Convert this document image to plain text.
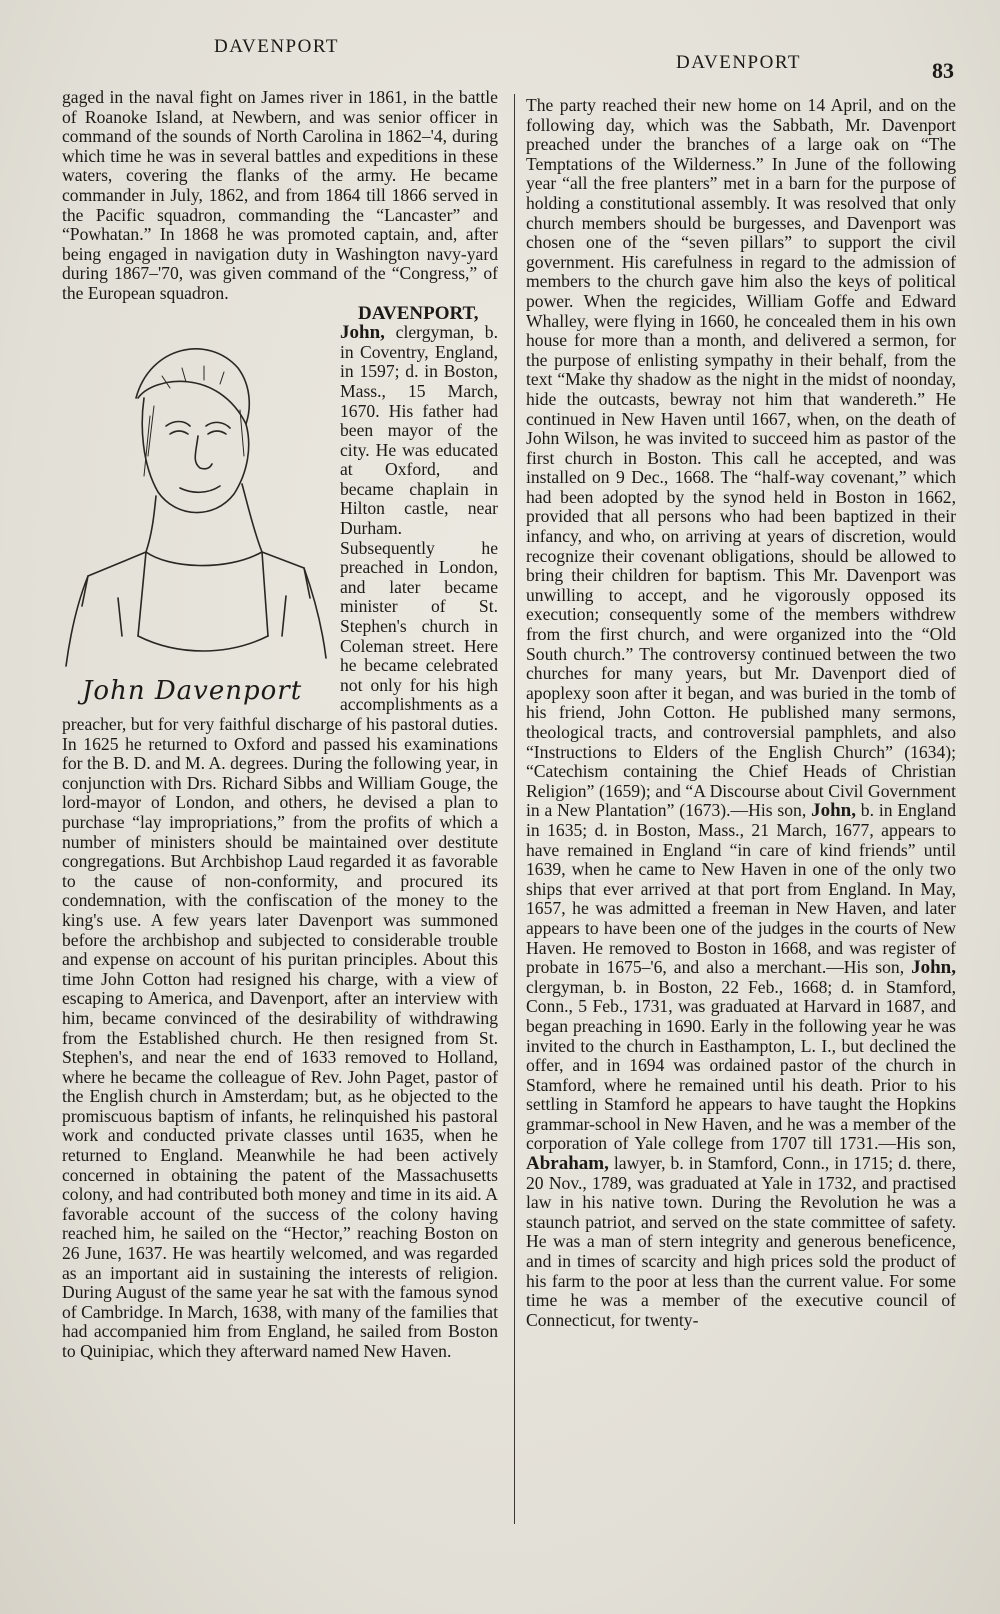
DAVENPORT
DAVENPORT	83

gaged in the naval fight on James river in 1861, in the battle of Roanoke Island, at Newbern, and was senior officer in command of the sounds of North Carolina in 1862–'4, during which time he was in several battles and expeditions in these waters, covering the flanks of the army. He became commander in July, 1862, and from 1864 till 1866 served in the Pacific squadron, commanding the “Lancaster” and “Powhatan.” In 1868 he was promoted captain, and, after being engaged in navigation duty in Washington navy-yard during 1867–'70, was given command of the “Congress,” of the European squadron.

John Davenport

DAVENPORT, John, clergyman, b. in Coventry, England, in 1597; d. in Boston, Mass., 15 March, 1670. His father had been mayor of the city. He was educated at Oxford, and became chaplain in Hilton castle, near Durham. Subsequently he preached in London, and later became minister of St. Stephen's church in Coleman street. Here he became celebrated not only for his high accomplishments as a preacher, but for very faithful discharge of his pastoral duties. In 1625 he returned to Oxford and passed his examinations for the B. D. and M. A. degrees. During the following year, in conjunction with Drs. Richard Sibbs and William Gouge, the lord-mayor of London, and others, he devised a plan to purchase “lay impropriations,” from the profits of which a number of ministers should be maintained over destitute congregations. But Archbishop Laud regarded it as favorable to the cause of non-conformity, and procured its condemnation, with the confiscation of the money to the king's use. A few years later Davenport was summoned before the archbishop and subjected to considerable trouble and expense on account of his puritan principles. About this time John Cotton had resigned his charge, with a view of escaping to America, and Davenport, after an interview with him, became convinced of the desirability of withdrawing from the Established church. He then resigned from St. Stephen's, and near the end of 1633 removed to Holland, where he became the colleague of Rev. John Paget, pastor of the English church in Amsterdam; but, as he objected to the promiscuous baptism of infants, he relinquished his pastoral work and conducted private classes until 1635, when he returned to England. Meanwhile he had been actively concerned in obtaining the patent of the Massachusetts colony, and had contributed both money and time in its aid. A favorable account of the success of the colony having reached him, he sailed on the “Hector,” reaching Boston on 26 June, 1637. He was heartily welcomed, and was regarded as an important aid in sustaining the interests of religion. During August of the same year he sat with the famous synod of Cambridge. In March, 1638, with many of the families that had accompanied him from England, he sailed from Boston to Quinipiac, which they afterward named New Haven.

The party reached their new home on 14 April, and on the following day, which was the Sabbath, Mr. Davenport preached under the branches of a large oak on “The Temptations of the Wilderness.” In June of the following year “all the free planters” met in a barn for the purpose of holding a constitutional assembly. It was resolved that only church members should be burgesses, and Davenport was chosen one of the “seven pillars” to support the civil government. His carefulness in regard to the admission of members to the church gave him also the keys of political power. When the regicides, William Goffe and Edward Whalley, were flying in 1660, he concealed them in his own house for more than a month, and delivered a sermon, for the purpose of enlisting sympathy in their behalf, from the text “Make thy shadow as the night in the midst of noonday, hide the outcasts, bewray not him that wandereth.” He continued in New Haven until 1667, when, on the death of John Wilson, he was invited to succeed him as pastor of the first church in Boston. This call he accepted, and was installed on 9 Dec., 1668. The “half-way covenant,” which had been adopted by the synod held in Boston in 1662, provided that all persons who had been baptized in their infancy, and who, on arriving at years of discretion, would recognize their covenant obligations, should be allowed to bring their children for baptism. This Mr. Davenport was unwilling to accept, and he vigorously opposed its execution; consequently some of the members withdrew from the first church, and were organized into the “Old South church.” The controversy continued between the two churches for many years, but Mr. Davenport died of apoplexy soon after it began, and was buried in the tomb of his friend, John Cotton. He published many sermons, theological tracts, and controversial pamphlets, and also “Instructions to Elders of the English Church” (1634); “Catechism containing the Chief Heads of Christian Religion” (1659); and “A Discourse about Civil Government in a New Plantation” (1673).—His son, John, b. in England in 1635; d. in Boston, Mass., 21 March, 1677, appears to have remained in England “in care of kind friends” until 1639, when he came to New Haven in one of the only two ships that ever arrived at that port from England. In May, 1657, he was admitted a freeman in New Haven, and later appears to have been one of the judges in the courts of New Haven. He removed to Boston in 1668, and was register of probate in 1675–'6, and also a merchant.—His son, John, clergyman, b. in Boston, 22 Feb., 1668; d. in Stamford, Conn., 5 Feb., 1731, was graduated at Harvard in 1687, and began preaching in 1690. Early in the following year he was invited to the church in Easthampton, L. I., but declined the offer, and in 1694 was ordained pastor of the church in Stamford, where he remained until his death. Prior to his settling in Stamford he appears to have taught the Hopkins grammar-school in New Haven, and he was a member of the corporation of Yale college from 1707 till 1731.—His son, Abraham, lawyer, b. in Stamford, Conn., in 1715; d. there, 20 Nov., 1789, was graduated at Yale in 1732, and practised law in his native town. During the Revolution he was a staunch patriot, and served on the state committee of safety. He was a man of stern integrity and generous beneficence, and in times of scarcity and high prices sold the product of his farm to the poor at less than the current value. For some time he was a member of the executive council of Connecticut, for twenty-
